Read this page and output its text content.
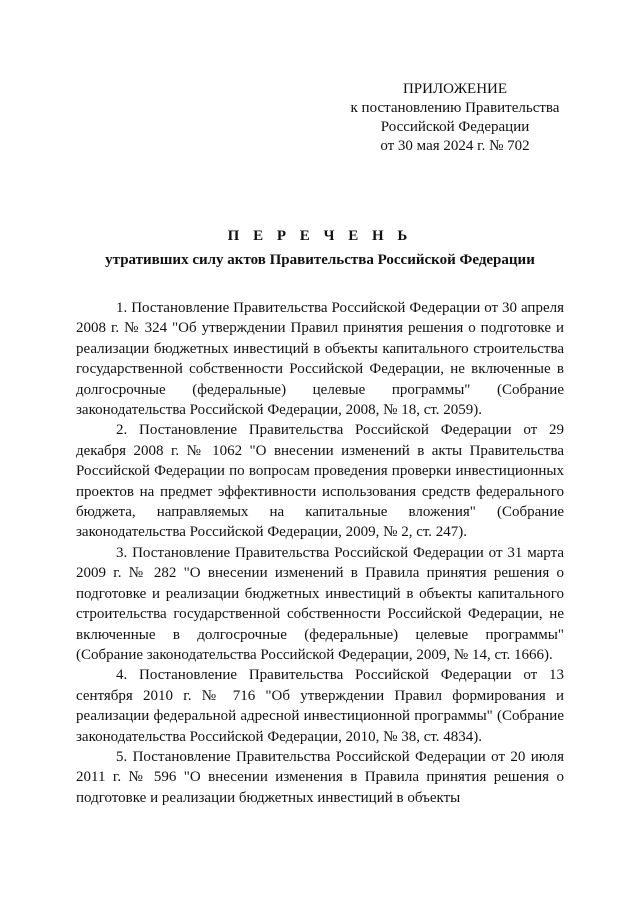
ПРИЛОЖЕНИЕ
к постановлению Правительства
Российской Федерации
от 30 мая 2024 г. № 702
П Е Р Е Ч Е Н Ь
утративших силу актов Правительства Российской Федерации

1. Постановление Правительства Российской Федерации от 30 апреля 2008 г. № 324 "Об утверждении Правил принятия решения о подготовке и реализации бюджетных инвестиций в объекты капитального строительства государственной собственности Российской Федерации, не включенные в долгосрочные (федеральные) целевые программы" (Собрание законодательства Российской Федерации, 2008, № 18, ст. 2059).

2. Постановление Правительства Российской Федерации от 29 декабря 2008 г. № 1062 "О внесении изменений в акты Правительства Российской Федерации по вопросам проведения проверки инвестиционных проектов на предмет эффективности использования средств федерального бюджета, направляемых на капитальные вложения" (Собрание законодательства Российской Федерации, 2009, № 2, ст. 247).

3. Постановление Правительства Российской Федерации от 31 марта 2009 г. № 282 "О внесении изменений в Правила принятия решения о подготовке и реализации бюджетных инвестиций в объекты капитального строительства государственной собственности Российской Федерации, не включенные в долгосрочные (федеральные) целевые программы" (Собрание законодательства Российской Федерации, 2009, № 14, ст. 1666).

4. Постановление Правительства Российской Федерации от 13 сентября 2010 г. № 716 "Об утверждении Правил формирования и реализации федеральной адресной инвестиционной программы" (Собрание законодательства Российской Федерации, 2010, № 38, ст. 4834).

5. Постановление Правительства Российской Федерации от 20 июля 2011 г. № 596 "О внесении изменения в Правила принятия решения о подготовке и реализации бюджетных инвестиций в объекты
